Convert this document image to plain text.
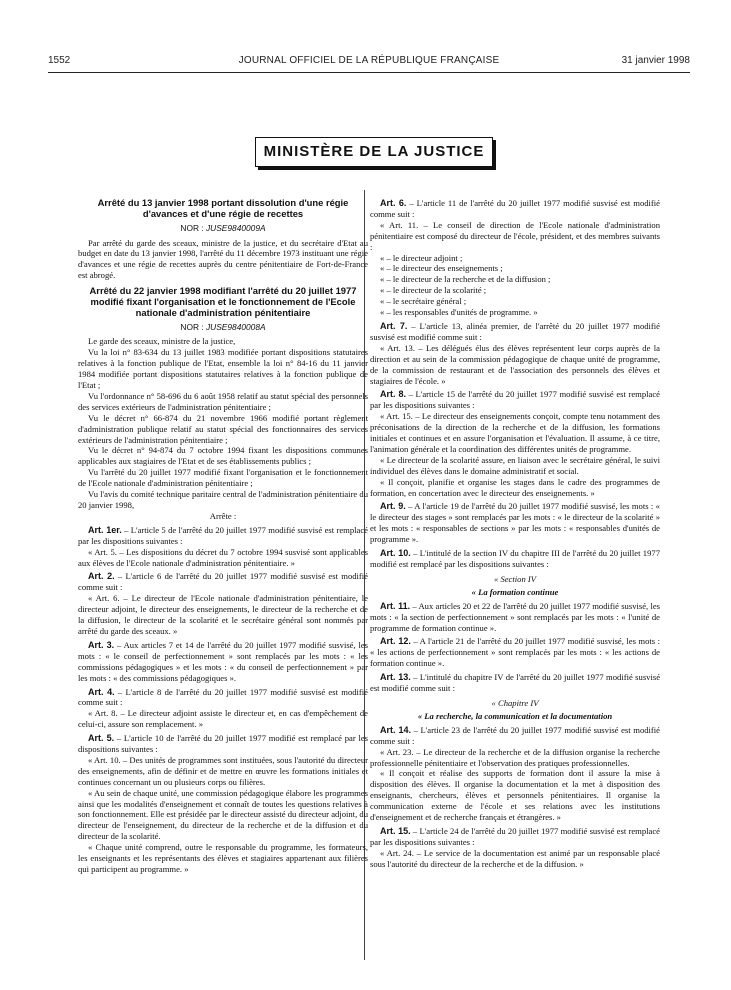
1552	JOURNAL OFFICIEL DE LA RÉPUBLIQUE FRANÇAISE	31 janvier 1998
MINISTÈRE DE LA JUSTICE
Arrêté du 13 janvier 1998 portant dissolution d'une régie d'avances et d'une régie de recettes
NOR : JUSE9840009A

Par arrêté du garde des sceaux, ministre de la justice, et du secrétaire d'Etat au budget en date du 13 janvier 1998, l'arrêté du 11 décembre 1973 instituant une régie d'avances et une régie de recettes auprès du centre pénitentiaire de Fort-de-France est abrogé.

Arrêté du 22 janvier 1998 modifiant l'arrêté du 20 juillet 1977 modifié fixant l'organisation et le fonctionnement de l'Ecole nationale d'administration pénitentiaire
NOR : JUSE9840008A

Le garde des sceaux, ministre de la justice,

Vu la loi n° 83-634 du 13 juillet 1983 modifiée portant dispositions statutaires relatives à la fonction publique de l'Etat, ensemble la loi n° 84-16 du 11 janvier 1984 modifiée portant dispositions statutaires relatives à la fonction publique de l'Etat ;

Vu l'ordonnance n° 58-696 du 6 août 1958 relatif au statut spécial des personnels des services extérieurs de l'administration pénitentiaire ;

Vu le décret n° 66-874 du 21 novembre 1966 modifié portant règlement d'administration publique relatif au statut spécial des fonctionnaires des services extérieurs de l'administration pénitentiaire ;

Vu le décret n° 94-874 du 7 octobre 1994 fixant les dispositions communes applicables aux stagiaires de l'Etat et de ses établissements publics ;

Vu l'arrêté du 20 juillet 1977 modifié fixant l'organisation et le fonctionnement de l'Ecole nationale d'administration pénitentiaire ;

Vu l'avis du comité technique paritaire central de l'administration pénitentiaire du 20 janvier 1998,

Arrête :

Art. 1er. – L'article 5 de l'arrêté du 20 juillet 1977 modifié susvisé est remplacé par les dispositions suivantes :

« Art. 5. – Les dispositions du décret du 7 octobre 1994 susvisé sont applicables aux élèves de l'Ecole nationale d'administration pénitentiaire. »

Art. 2. – L'article 6 de l'arrêté du 20 juillet 1977 modifié susvisé est modifié comme suit :

« Art. 6. – Le directeur de l'Ecole nationale d'administration pénitentiaire, le directeur adjoint, le directeur des enseignements, le directeur de la recherche et de la diffusion, le directeur de la scolarité et le secrétaire général sont nommés par arrêté du garde des sceaux. »

Art. 3. – Aux articles 7 et 14 de l'arrêté du 20 juillet 1977 modifié susvisé, les mots : « le conseil de perfectionnement » sont remplacés par les mots : « les commissions pédagogiques » et les mots : « du conseil de perfectionnement » par les mots : « des commissions pédagogiques ».

Art. 4. – L'article 8 de l'arrêté du 20 juillet 1977 modifié susvisé est modifié comme suit :

« Art. 8. – Le directeur adjoint assiste le directeur et, en cas d'empêchement de celui-ci, assure son remplacement. »

Art. 5. – L'article 10 de l'arrêté du 20 juillet 1977 modifié est remplacé par les dispositions suivantes :

« Art. 10. – Des unités de programmes sont instituées, sous l'autorité du directeur des enseignements, afin de définir et de mettre en œuvre les formations initiales et continues concernant un ou plusieurs corps ou filières.

« Au sein de chaque unité, une commission pédagogique élabore les programmes ainsi que les modalités d'enseignement et connaît de toutes les questions relatives à son fonctionnement. Elle est présidée par le directeur assisté du directeur adjoint, du directeur de l'enseignement, du directeur de la recherche et de la diffusion et du directeur de la scolarité.

« Chaque unité comprend, outre le responsable du programme, les formateurs, les enseignants et les représentants des élèves et stagiaires appartenant aux filières qui participent au programme. »

Art. 6. – L'article 11 de l'arrêté du 20 juillet 1977 modifié susvisé est modifié comme suit :

« Art. 11. – Le conseil de direction de l'Ecole nationale d'administration pénitentiaire est composé du directeur de l'école, président, et des membres suivants :

« – le directeur adjoint ;

« – le directeur des enseignements ;

« – le directeur de la recherche et de la diffusion ;

« – le directeur de la scolarité ;

« – le secrétaire général ;

« – les responsables d'unités de programme. »

Art. 7. – L'article 13, alinéa premier, de l'arrêté du 20 juillet 1977 modifié susvisé est modifié comme suit :

« Art. 13. – Les délégués élus des élèves représentent leur corps auprès de la direction et au sein de la commission pédagogique de chaque unité de programme, de la commission de restaurant et de l'association des personnels des élèves et stagiaires de l'école. »

Art. 8. – L'article 15 de l'arrêté du 20 juillet 1977 modifié susvisé est remplacé par les dispositions suivantes :

« Art. 15. – Le directeur des enseignements conçoit, compte tenu notamment des préconisations de la direction de la recherche et de la diffusion, les formations initiales et continues et en assure l'organisation et l'évaluation. Il assume, à ce titre, l'animation générale et la coordination des différentes unités de programme.

« Le directeur de la scolarité assure, en liaison avec le secrétaire général, le suivi individuel des élèves dans le domaine administratif et social.

« Il conçoit, planifie et organise les stages dans le cadre des programmes de formation, en concertation avec le directeur des enseignements. »

Art. 9. – A l'article 19 de l'arrêté du 20 juillet 1977 modifié susvisé, les mots : « le directeur des stages » sont remplacés par les mots : « le directeur de la scolarité » et les mots : « responsables de sections » par les mots : « responsables d'unités de programme ».

Art. 10. – L'intitulé de la section IV du chapitre III de l'arrêté du 20 juillet 1977 modifié est remplacé par les dispositions suivantes :

« Section IV

« La formation continue

Art. 11. – Aux articles 20 et 22 de l'arrêté du 20 juillet 1977 modifié susvisé, les mots : « la section de perfectionnement » sont remplacés par les mots : « l'unité de programme de formation continue ».

Art. 12. – A l'article 21 de l'arrêté du 20 juillet 1977 modifié susvisé, les mots : « les actions de perfectionnement » sont remplacés par les mots : « les actions de formation continue ».

Art. 13. – L'intitulé du chapitre IV de l'arrêté du 20 juillet 1977 modifié susvisé est modifié comme suit :

« Chapitre IV

« La recherche, la communication et la documentation

Art. 14. – L'article 23 de l'arrêté du 20 juillet 1977 modifié susvisé est modifié comme suit :

« Art. 23. – Le directeur de la recherche et de la diffusion organise la recherche professionnelle pénitentiaire et l'observation des pratiques professionnelles.

« Il conçoit et réalise des supports de formation dont il assure la mise à disposition des élèves. Il organise la documentation et la met à disposition des enseignants, chercheurs, élèves et personnels pénitentiaires. Il organise la communication externe de l'école et ses relations avec les institutions d'enseignement et de recherche français et étrangères. »

Art. 15. – L'article 24 de l'arrêté du 20 juillet 1977 modifié susvisé est remplacé par les dispositions suivantes :

« Art. 24. – Le service de la documentation est animé par un responsable placé sous l'autorité du directeur de la recherche et de la diffusion. »
